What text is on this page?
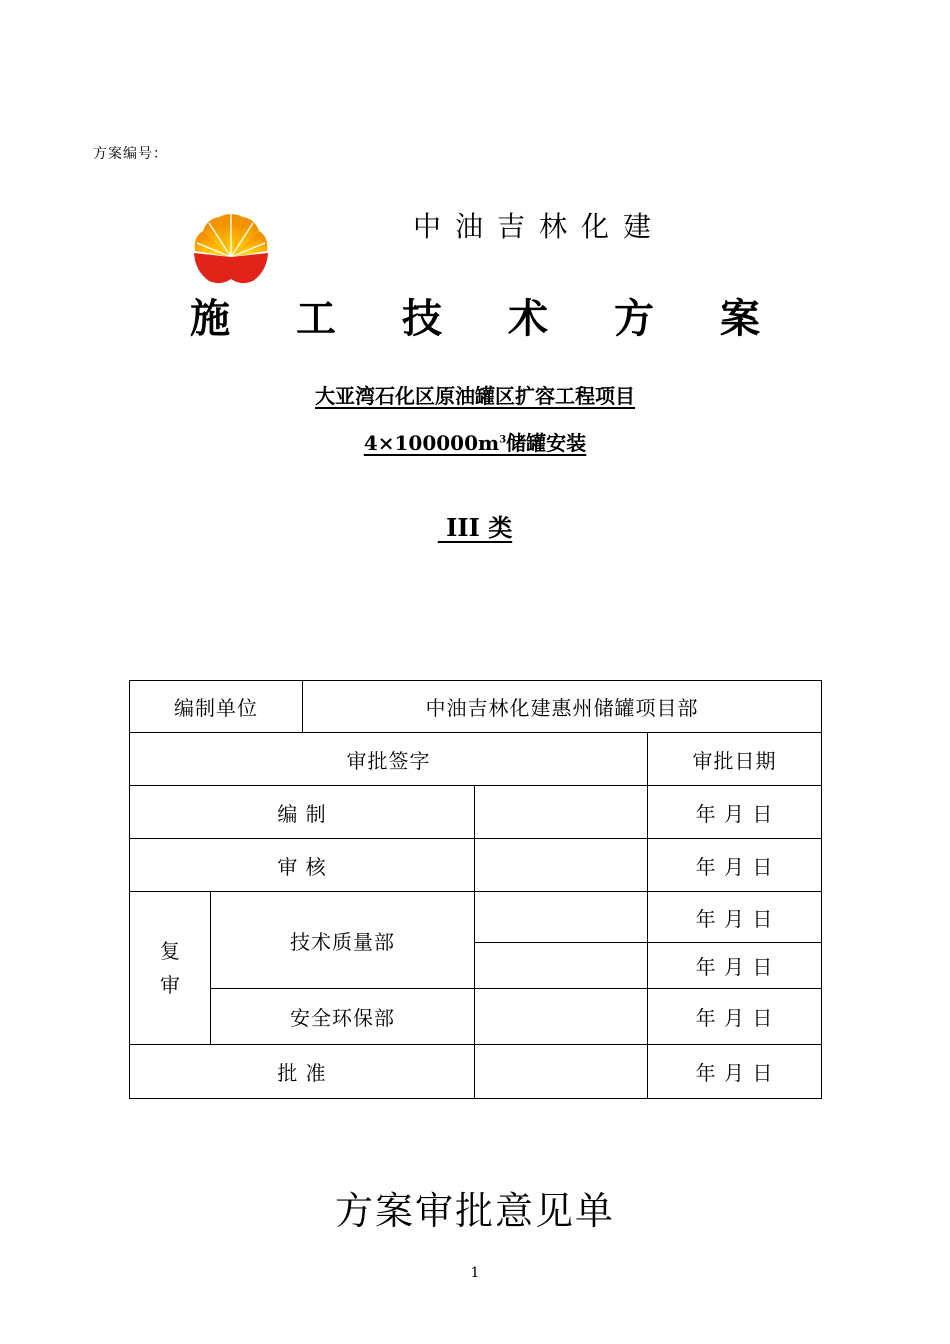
方案编号：
中油吉林化建
施 工 技 术 方 案
大亚湾石化区原油罐区扩容工程项目
$4\times 100000m^3$储罐安装
III 类
编制单位		中油吉林化建惠州储罐项目部		
审批签字				审批日期
编 制				年 月 日
审 核				年 月 日

复审	技术质量部			年 月 日
				年 月 日
	安全环保部			年 月 日
批 准				年 月 日
方案审批意见单
1
